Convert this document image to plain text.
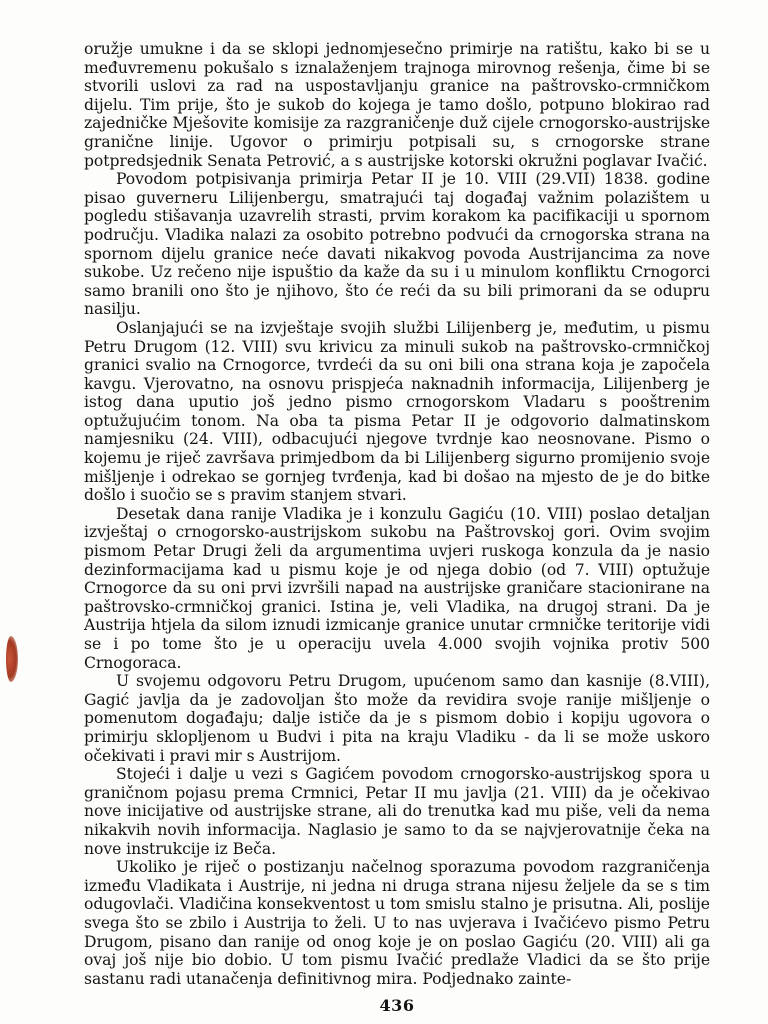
oružje umukne i da se sklopi jednomjesečno primirje na ratištu, kako bi se u međuvremenu pokušalo s iznalaženjem trajnoga mirovnog rešenja, čime bi se stvorili uslovi za rad na uspostavljanju granice na paštrovsko-crmničkom dijelu. Tim prije, što je sukob do kojega je tamo došlo, potpuno blokirao rad zajedničke Mješovite komisije za razgraničenje duž cijele crnogorsko-austrijske granične linije. Ugovor o primirju potpisali su, s crnogorske strane potpredsjednik Senata Petrović, a s austrijske kotorski okružni poglavar Ivačić.

Povodom potpisivanja primirja Petar II je 10. VIII (29.VII) 1838. godine pisao guverneru Lilijenbergu, smatrajući taj događaj važnim polazištem u pogledu stišavanja uzavrelih strasti, prvim korakom ka pacifikaciji u spornom području. Vladika nalazi za osobito potrebno podvući da crnogorska strana na spornom dijelu granice neće davati nikakvog povoda Austrijancima za nove sukobe. Uz rečeno nije ispuštio da kaže da su i u minulom konfliktu Crnogorci samo branili ono što je njihovo, što će reći da su bili primorani da se odupru nasilju.

Oslanjajući se na izvještaje svojih službi Lilijenberg je, međutim, u pismu Petru Drugom (12. VIII) svu krivicu za minuli sukob na paštrovsko-crmničkoj granici svalio na Crnogorce, tvrdeći da su oni bili ona strana koja je započela kavgu. Vjerovatno, na osnovu prispjeća naknadnih informacija, Lilijenberg je istog dana uputio još jedno pismo crnogorskom Vladaru s pooštrenim optužujućim tonom. Na oba ta pisma Petar II je odgovorio dalmatinskom namjesniku (24. VIII), odbacujući njegove tvrdnje kao neosnovane. Pismo o kojemu je riječ završava primjedbom da bi Lilijenberg sigurno promijenio svoje mišljenje i odrekao se gornjeg tvrđenja, kad bi došao na mjesto de je do bitke došlo i suočio se s pravim stanjem stvari.

Desetak dana ranije Vladika je i konzulu Gagiću (10. VIII) poslao detaljan izvještaj o crnogorsko-austrijskom sukobu na Paštrovskoj gori. Ovim svojim pismom Petar Drugi želi da argumentima uvjeri ruskoga konzula da je nasio dezinformacijama kad u pismu koje je od njega dobio (od 7. VIII) optužuje Crnogorce da su oni prvi izvršili napad na austrijske graničare stacionirane na paštrovsko-crmničkoj granici. Istina je, veli Vladika, na drugoj strani. Da je Austrija htjela da silom iznudi izmicanje granice unutar crmničke teritorije vidi se i po tome što je u operaciju uvela 4.000 svojih vojnika protiv 500 Crnogoraca.

U svojemu odgovoru Petru Drugom, upućenom samo dan kasnije (8.VIII), Gagić javlja da je zadovoljan što može da revidira svoje ranije mišljenje o pomenutom događaju; dalje ističe da je s pismom dobio i kopiju ugovora o primirju sklopljenom u Budvi i pita na kraju Vladiku - da li se može uskoro očekivati i pravi mir s Austrijom.

Stojeći i dalje u vezi s Gagićem povodom crnogorsko-austrijskog spora u graničnom pojasu prema Crmnici, Petar II mu javlja (21. VIII) da je očekivao nove inicijative od austrijske strane, ali do trenutka kad mu piše, veli da nema nikakvih novih informacija. Naglasio je samo to da se najvjerovatnije čeka na nove instrukcije iz Beča.

Ukoliko je riječ o postizanju načelnog sporazuma povodom razgraničenja između Vladikata i Austrije, ni jedna ni druga strana nijesu željele da se s tim odugovlači. Vladičina konsekventost u tom smislu stalno je prisutna. Ali, poslije svega što se zbilo i Austrija to želi. U to nas uvjerava i Ivačićevo pismo Petru Drugom, pisano dan ranije od onog koje je on poslao Gagiću (20. VIII) ali ga ovaj još nije bio dobio. U tom pismu Ivačić predlaže Vladici da se što prije sastanu radi utanačenja definitivnog mira. Podjednako zainte-

436
